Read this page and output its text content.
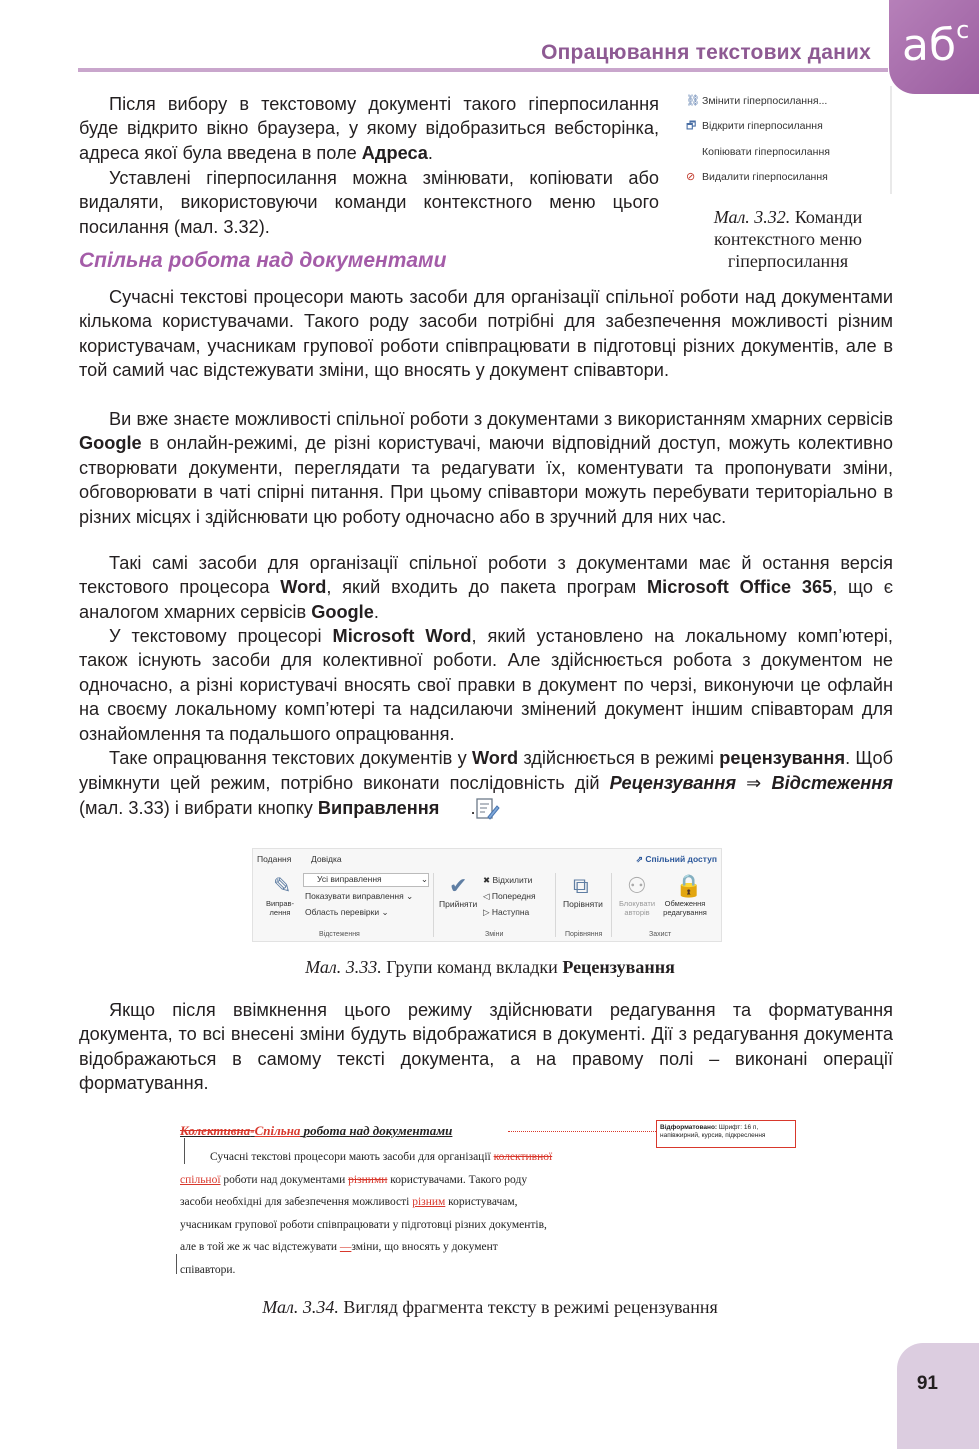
Опрацювання текстових даних $аб^с$
Після вибору в текстовому документі такого гіперпосилання буде відкрито вікно браузера, у якому відобразиться вебсторінка, адреса якої була введена в поле Адреса.
Уставлені гіперпосилання можна змінювати, копіювати або видаляти, використовуючи команди контекстного меню цього посилання (мал. 3.32).
⛓ Змінити гіперпосилання...
🗗 Відкрити гіперпосилання
Копіювати гіперпосилання
⊘ Видалити гіперпосилання
Мал. 3.32. Команди контекстного меню гіперпосилання
Спільна робота над документами
Сучасні текстові процесори мають засоби для організації спільної роботи над документами кількома користувачами. Такого роду засоби потрібні для забезпечення можливості різним користувачам, учасникам групової роботи співпрацювати в підготовці різних документів, але в той самий час відстежувати зміни, що вносять у документ співавтори.
Ви вже знаєте можливості спільної роботи з документами з використанням хмарних сервісів Google в онлайн-режимі, де різні користувачі, маючи відповідний доступ, можуть колективно створювати документи, переглядати та редагувати їх, коментувати та пропонувати зміни, обговорювати в чаті спірні питання. При цьому співавтори можуть перебувати територіально в різних місцях і здійснювати цю роботу одночасно або в зручний для них час.
Такі самі засоби для організації спільної роботи з документами має й остання версія текстового процесора Word, який входить до пакета програм Microsoft Office 365, що є аналогом хмарних сервісів Google.
У текстовому процесорі Microsoft Word, який установлено на локальному комп’ютері, також існують засоби для колективної роботи. Але здійснюється робота з документом не одночасно, а різні користувачі вносять свої правки в документ по черзі, виконуючи це офлайн на своєму локальному комп’ютері та надсилаючи змінений документ іншим співавторам для ознайомлення та подальшого опрацювання.
Таке опрацювання текстових документів у Word здійснюється в режимі рецензування. Щоб увімкнути цей режим, потрібно виконати послідовність дій Рецензування ⇒ Відстеження (мал. 3.33) і вибрати кнопку Виправлення .
Подання Довідка	⇗ Спільний доступ
✎
Виправлення
Усі виправлення	⌄
Показувати виправлення ⌄
Область перевірки ⌄
Відстеження
✔
Прийняти
✖ Відхилити
◁ Попередня
▷ Наступна
Зміни
⧉
Порівняти
Порівняння
⚇
Блокувати авторів
🔒
Обмеження редагування
Захист
Мал. 3.33. Групи команд вкладки Рецензування
Якщо після ввімкнення цього режиму здійснювати редагування та форматування документа, то всі внесені зміни будуть відображатися в документі. Дії з редагування документа відображаються в самому тексті документа, а на правому полі – виконані операції форматування.
Колективна-Спільна робота над документами	Відформатовано: Шрифт: 16 п, напівжирний, курсив, підкреслення
Сучасні текстові процесори мають засоби для організації колективної
спільної роботи над документами різними користувачами. Такого роду
засоби необхідні для забезпечення можливості різним користувачам,
учасникам групової роботи співпрацювати у підготовці різних документів,
але в той же ж час відстежувати —зміни, що вносять у документ
співавтори.
Мал. 3.34. Вигляд фрагмента тексту в режимі рецензування
91
